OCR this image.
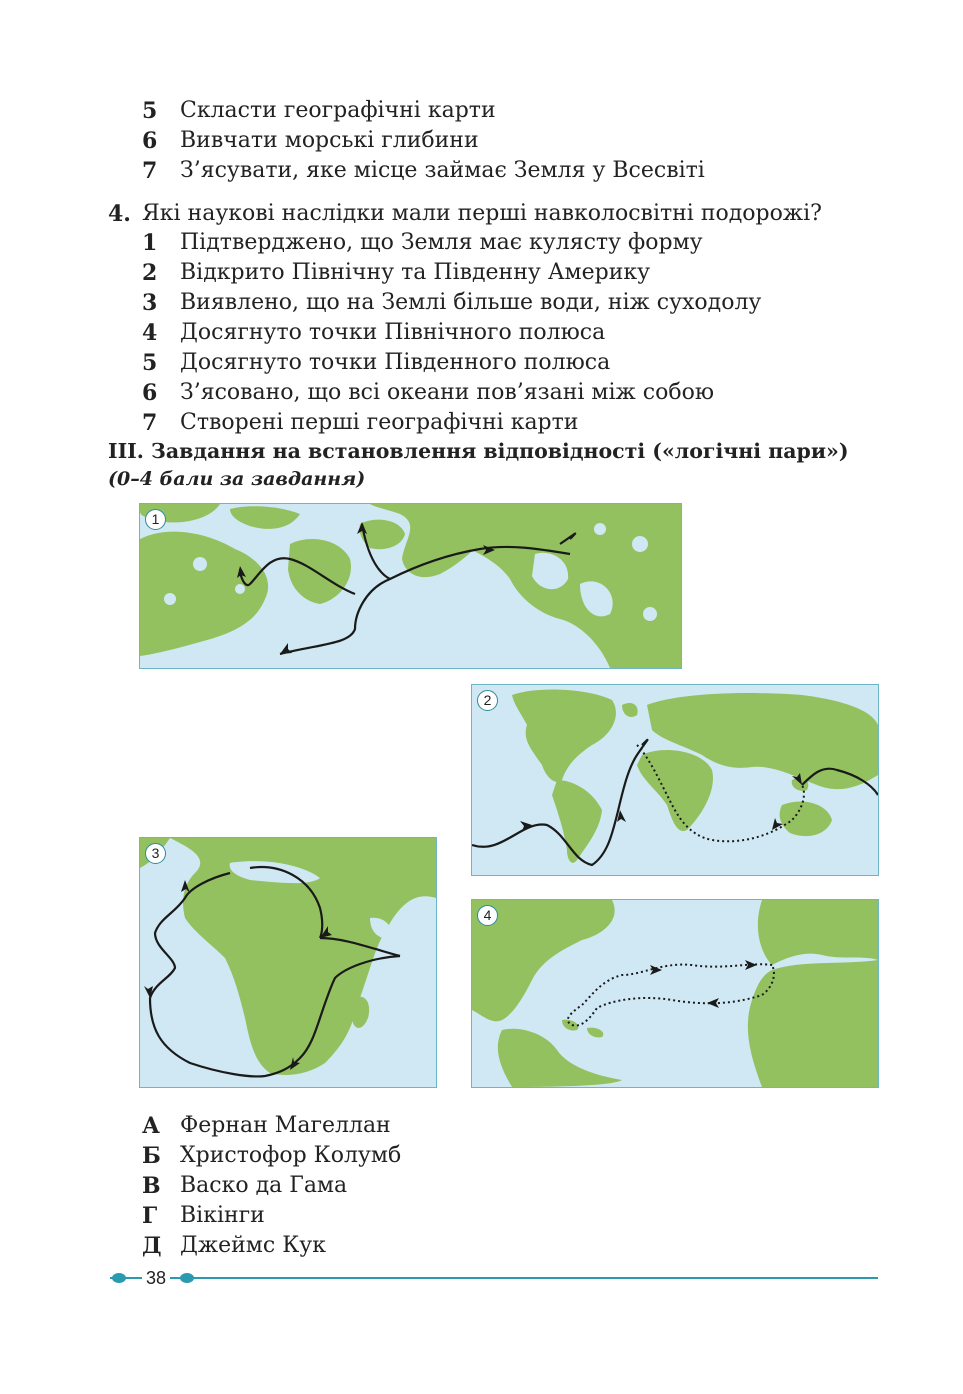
5 Скласти географічні карти
6 Вивчати морські глибини
7 З’ясувати, яке місце займає Земля у Всесвіті
4. Які наукові наслідки мали перші навколосвітні подорожі?
1 Підтверджено, що Земля має кулясту форму
2 Відкрито Північну та Південну Америку
3 Виявлено, що на Землі більше води, ніж суходолу
4 Досягнуто точки Північного полюса
5 Досягнуто точки Південного полюса
6 З’ясовано, що всі океани пов’язані між собою
7 Створені перші географічні карти
III. Завдання на встановлення відповідності («логічні пари»)
(0–4 бали за завдання)
1
2
3
4
А Фернан Магеллан
Б Христофор Колумб
В Васко да Гама
Г Вікінги
Д Джеймс Кук
38
